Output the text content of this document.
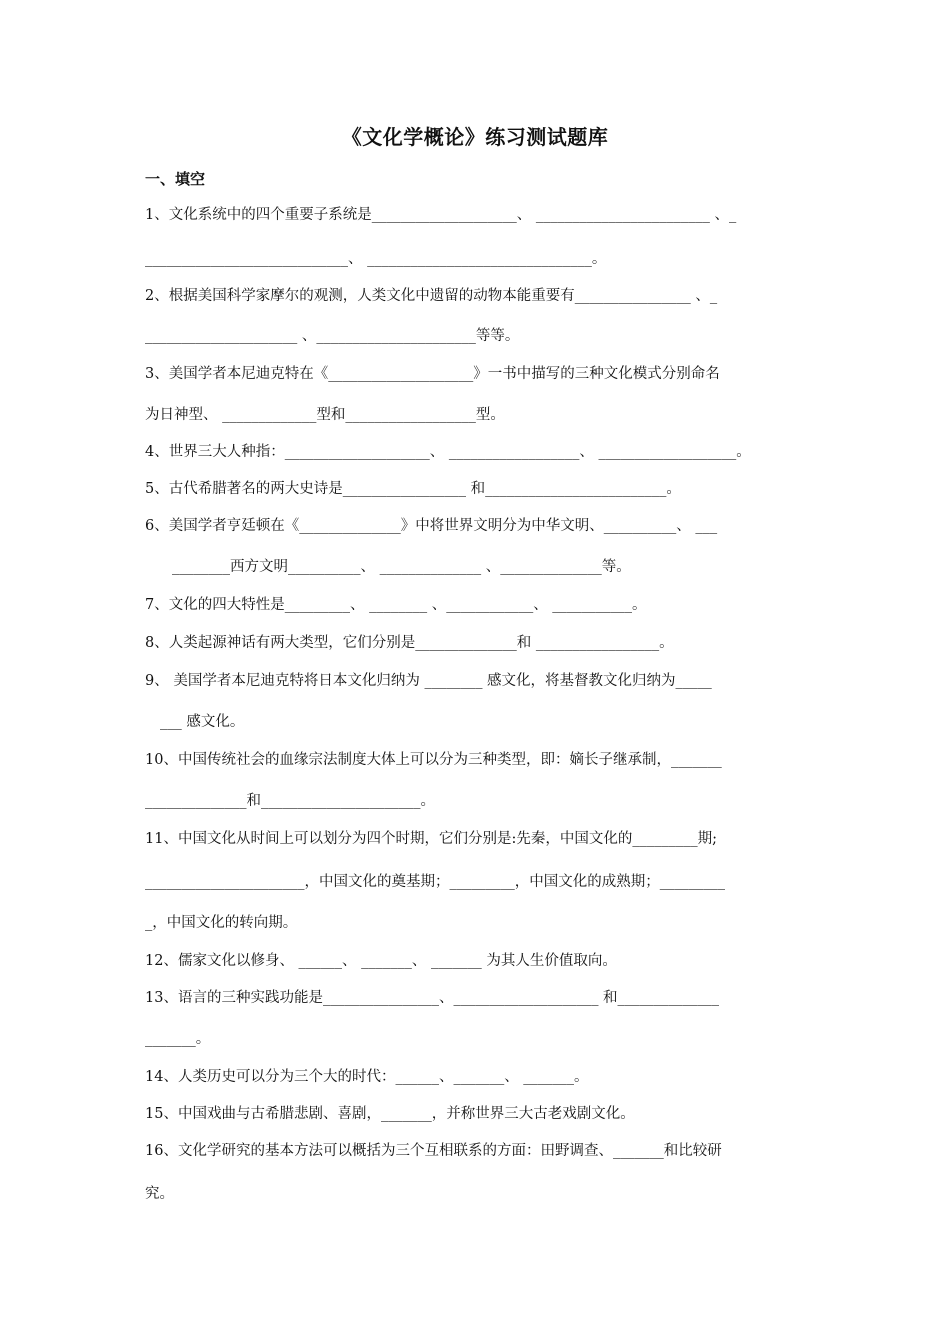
《文化学概论》练习测试题库
一、填空
1、文化系统中的四个重要子系统是____________________、 ________________________ 、_
____________________________、 _______________________________。
2、根据美国科学家摩尔的观测，人类文化中遗留的动物本能重要有________________ 、_
_____________________ 、______________________等等。
3、美国学者本尼迪克特在《____________________》一书中描写的三种文化模式分别命名
为日神型、 _____________型和__________________型。
4、世界三大人种指：____________________、 __________________、 ___________________。
5、古代希腊著名的两大史诗是_________________ 和_________________________。
6、美国学者亨廷顿在《______________》中将世界文明分为中华文明、__________、 ___
________西方文明__________、 ______________ 、______________等。
7、文化的四大特性是_________、 ________ 、____________、 ___________。
8、人类起源神话有两大类型，它们分别是______________和 _________________。
9、 美国学者本尼迪克特将日本文化归纳为 ________ 感文化，将基督教文化归纳为_____
___ 感文化。
10、中国传统社会的血缘宗法制度大体上可以分为三种类型，即：嫡长子继承制，_______
______________和______________________。
11、中国文化从时间上可以划分为四个时期，它们分别是:先秦，中国文化的_________期;
______________________，中国文化的奠基期；_________，中国文化的成熟期；_________
_，中国文化的转向期。
12、儒家文化以修身、 ______、 _______、 _______ 为其人生价值取向。
13、语言的三种实践功能是________________、____________________ 和______________
_______。
14、人类历史可以分为三个大的时代：______、_______、 _______。
15、中国戏曲与古希腊悲剧、喜剧，_______，并称世界三大古老戏剧文化。
16、文化学研究的基本方法可以概括为三个互相联系的方面：田野调查、_______和比较研
究。
